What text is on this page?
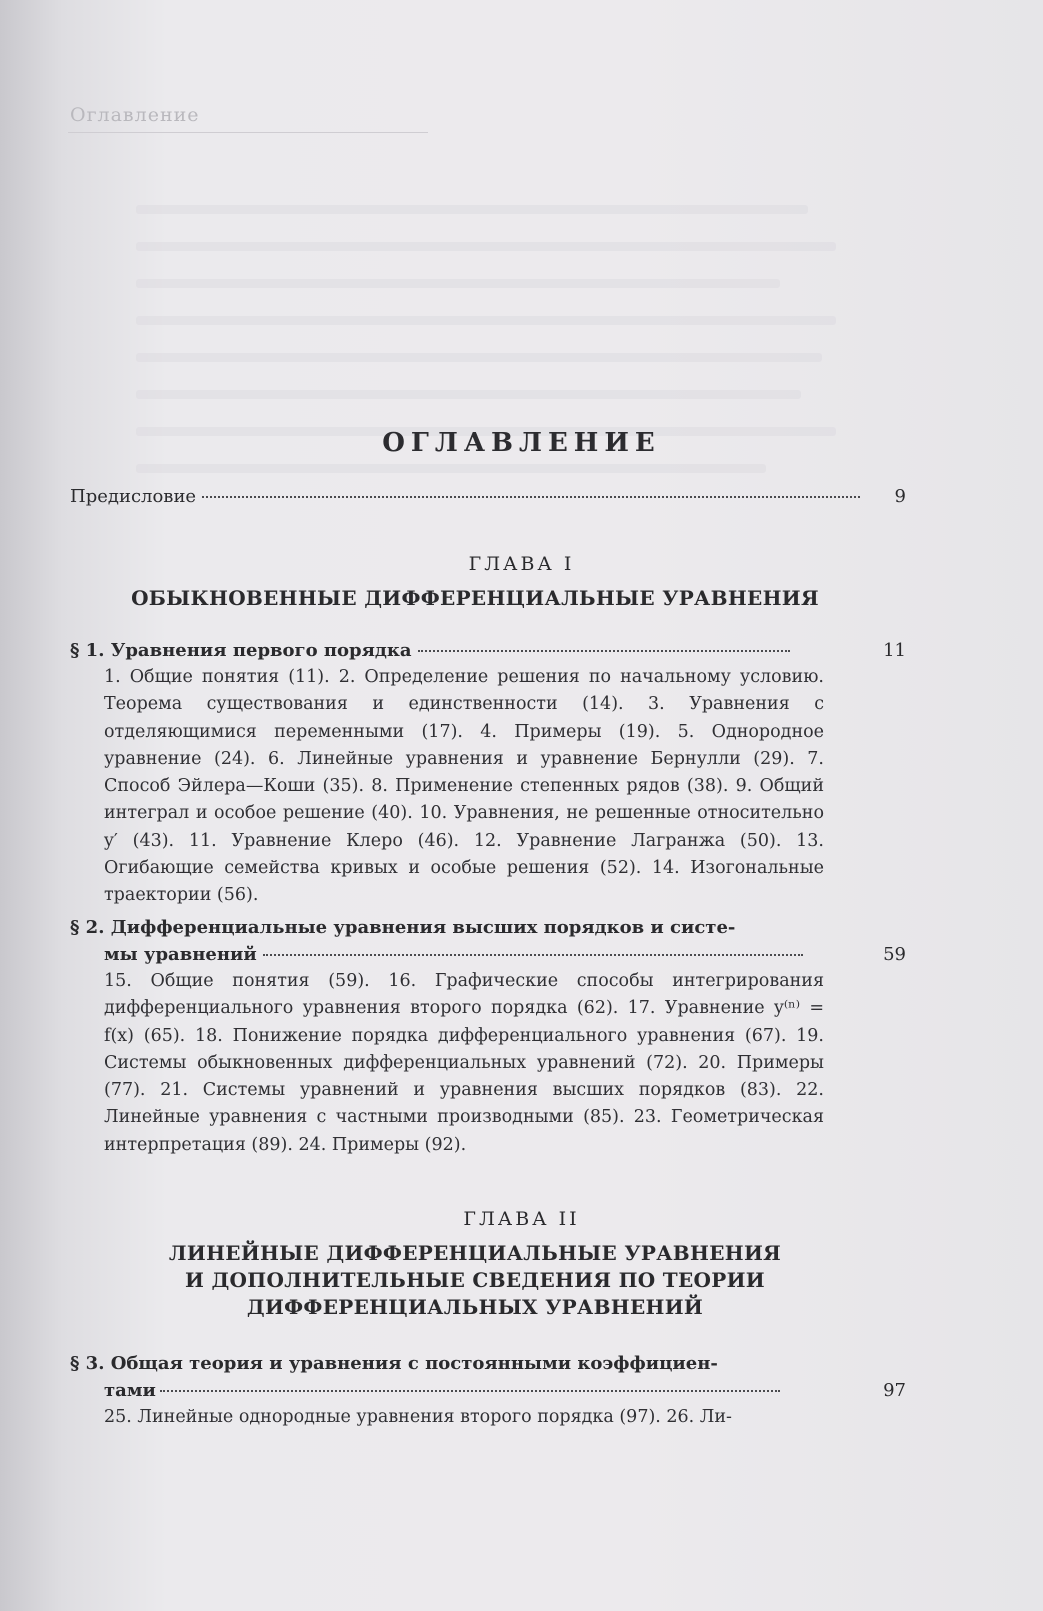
Оглавление
ОГЛАВЛЕНИЕ
Предисловие	9
ГЛАВА I
ОБЫКНОВЕННЫЕ ДИФФЕРЕНЦИАЛЬНЫЕ УРАВНЕНИЯ
§ 1. Уравнения первого порядка	11
1. Общие понятия (11). 2. Определение решения по начальному условию. Теорема существования и единственности (14). 3. Уравнения с отделяющимися переменными (17). 4. Примеры (19). 5. Однородное уравнение (24). 6. Линейные уравнения и уравнение Бернулли (29). 7. Способ Эйлера—Коши (35). 8. Применение степенных рядов (38). 9. Общий интеграл и особое решение (40). 10. Уравнения, не решенные относительно y′ (43). 11. Уравнение Клеро (46). 12. Уравнение Лагранжа (50). 13. Огибающие семейства кривых и особые решения (52). 14. Изогональные траектории (56).
§ 2. Дифференциальные уравнения высших порядков и систе-
мы уравнений	59
15. Общие понятия (59). 16. Графические способы интегрирования дифференциального уравнения второго порядка (62). 17. Уравнение y⁽ⁿ⁾ = f(x) (65). 18. Понижение порядка дифференциального уравнения (67). 19. Системы обыкновенных дифференциальных уравнений (72). 20. Примеры (77). 21. Системы уравнений и уравнения высших порядков (83). 22. Линейные уравнения с частными производными (85). 23. Геометрическая интерпретация (89). 24. Примеры (92).
ГЛАВА II
ЛИНЕЙНЫЕ ДИФФЕРЕНЦИАЛЬНЫЕ УРАВНЕНИЯ
И ДОПОЛНИТЕЛЬНЫЕ СВЕДЕНИЯ ПО ТЕОРИИ
ДИФФЕРЕНЦИАЛЬНЫХ УРАВНЕНИЙ
§ 3. Общая теория и уравнения с постоянными коэффициен-
тами	97
25. Линейные однородные уравнения второго порядка (97). 26. Ли-
